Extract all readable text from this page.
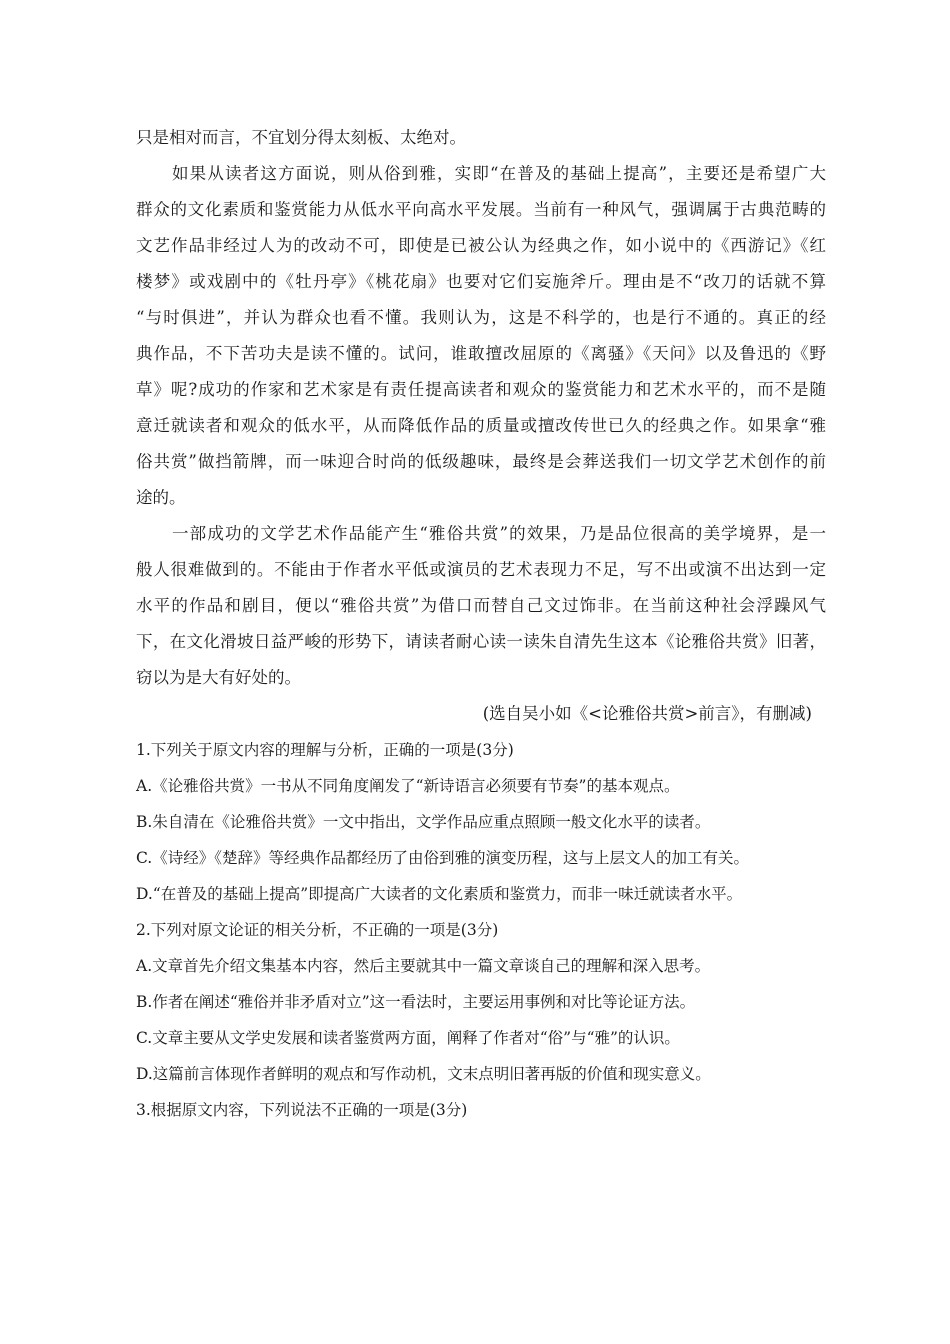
只是相对而言，不宜划分得太刻板、太绝对。
如果从读者这方面说，则从俗到雅，实即“在普及的基础上提高”，主要还是希望广大
群众的文化素质和鉴赏能力从低水平向高水平发展。当前有一种风气，强调属于古典范畴的
文艺作品非经过人为的改动不可，即使是已被公认为经典之作，如小说中的《西游记》《红
楼梦》或戏剧中的《牡丹亭》《桃花扇》也要对它们妄施斧斤。理由是不“改刀的话就不算
“与时俱进”，并认为群众也看不懂。我则认为，这是不科学的，也是行不通的。真正的经
典作品，不下苦功夫是读不懂的。试问，谁敢擅改屈原的《离骚》《天问》以及鲁迅的《野
草》呢?成功的作家和艺术家是有责任提高读者和观众的鉴赏能力和艺术水平的，而不是随
意迁就读者和观众的低水平，从而降低作品的质量或擅改传世已久的经典之作。如果拿“雅
俗共赏”做挡箭牌，而一味迎合时尚的低级趣味，最终是会葬送我们一切文学艺术创作的前
途的。
一部成功的文学艺术作品能产生“雅俗共赏”的效果，乃是品位很高的美学境界，是一
般人很难做到的。不能由于作者水平低或演员的艺术表现力不足，写不出或演不出达到一定
水平的作品和剧目，便以“雅俗共赏”为借口而替自己文过饰非。在当前这种社会浮躁风气
下，在文化滑坡日益严峻的形势下，请读者耐心读一读朱自清先生这本《论雅俗共赏》旧著，
窃以为是大有好处的。
(选自吴小如《<论雅俗共赏>前言》，有删减)
1.下列关于原文内容的理解与分析，正确的一项是(3分)
A.《论雅俗共赏》一书从不同角度阐发了“新诗语言必须要有节奏”的基本观点。
B.朱自清在《论雅俗共赏》一文中指出，文学作品应重点照顾一般文化水平的读者。
C.《诗经》《楚辞》等经典作品都经历了由俗到雅的演变历程，这与上层文人的加工有关。
D.“在普及的基础上提高”即提高广大读者的文化素质和鉴赏力，而非一味迁就读者水平。
2.下列对原文论证的相关分析，不正确的一项是(3分)
A.文章首先介绍文集基本内容，然后主要就其中一篇文章谈自己的理解和深入思考。
B.作者在阐述“雅俗并非矛盾对立”这一看法时，主要运用事例和对比等论证方法。
C.文章主要从文学史发展和读者鉴赏两方面，阐释了作者对“俗”与“雅”的认识。
D.这篇前言体现作者鲜明的观点和写作动机，文末点明旧著再版的价值和现实意义。
3.根据原文内容，下列说法不正确的一项是(3分)
